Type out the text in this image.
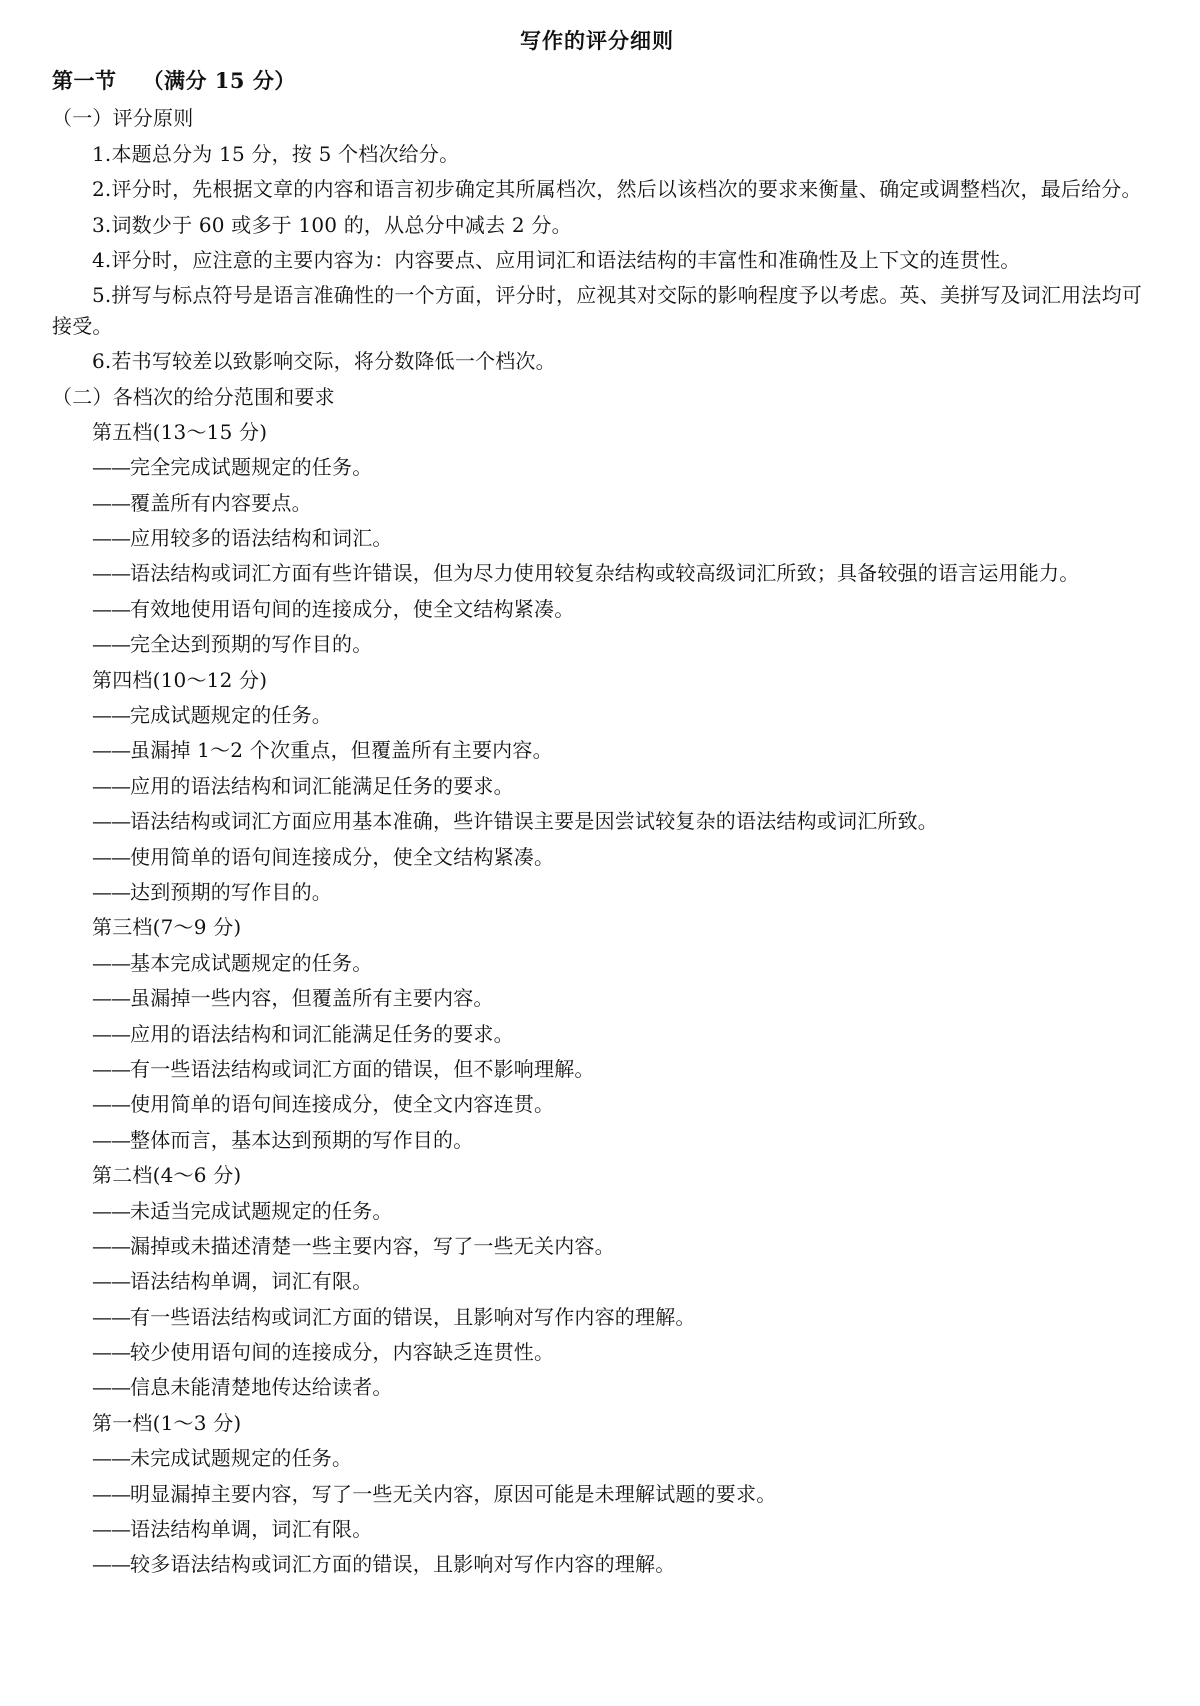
写作的评分细则
第一节 （满分 15 分）

（一）评分原则

1.本题总分为 15 分，按 5 个档次给分。

2.评分时，先根据文章的内容和语言初步确定其所属档次，然后以该档次的要求来衡量、确定或调整档次，最后给分。

3.词数少于 60 或多于 100 的，从总分中减去 2 分。

4.评分时，应注意的主要内容为：内容要点、应用词汇和语法结构的丰富性和准确性及上下文的连贯性。

5.拼写与标点符号是语言准确性的一个方面，评分时，应视其对交际的影响程度予以考虑。英、美拼写及词汇用法均可接受。

6.若书写较差以致影响交际，将分数降低一个档次。

（二）各档次的给分范围和要求

第五档(13～15 分)

——完全完成试题规定的任务。

——覆盖所有内容要点。

——应用较多的语法结构和词汇。

——语法结构或词汇方面有些许错误，但为尽力使用较复杂结构或较高级词汇所致；具备较强的语言运用能力。

——有效地使用语句间的连接成分，使全文结构紧凑。

——完全达到预期的写作目的。

第四档(10～12 分)

——完成试题规定的任务。

——虽漏掉 1～2 个次重点，但覆盖所有主要内容。

——应用的语法结构和词汇能满足任务的要求。

——语法结构或词汇方面应用基本准确，些许错误主要是因尝试较复杂的语法结构或词汇所致。

——使用简单的语句间连接成分，使全文结构紧凑。

——达到预期的写作目的。

第三档(7～9 分)

——基本完成试题规定的任务。

——虽漏掉一些内容，但覆盖所有主要内容。

——应用的语法结构和词汇能满足任务的要求。

——有一些语法结构或词汇方面的错误，但不影响理解。

——使用简单的语句间连接成分，使全文内容连贯。

——整体而言，基本达到预期的写作目的。

第二档(4～6 分)

——未适当完成试题规定的任务。

——漏掉或未描述清楚一些主要内容，写了一些无关内容。

——语法结构单调，词汇有限。

——有一些语法结构或词汇方面的错误，且影响对写作内容的理解。

——较少使用语句间的连接成分，内容缺乏连贯性。

——信息未能清楚地传达给读者。

第一档(1～3 分)

——未完成试题规定的任务。

——明显漏掉主要内容，写了一些无关内容，原因可能是未理解试题的要求。

——语法结构单调，词汇有限。

——较多语法结构或词汇方面的错误，且影响对写作内容的理解。
